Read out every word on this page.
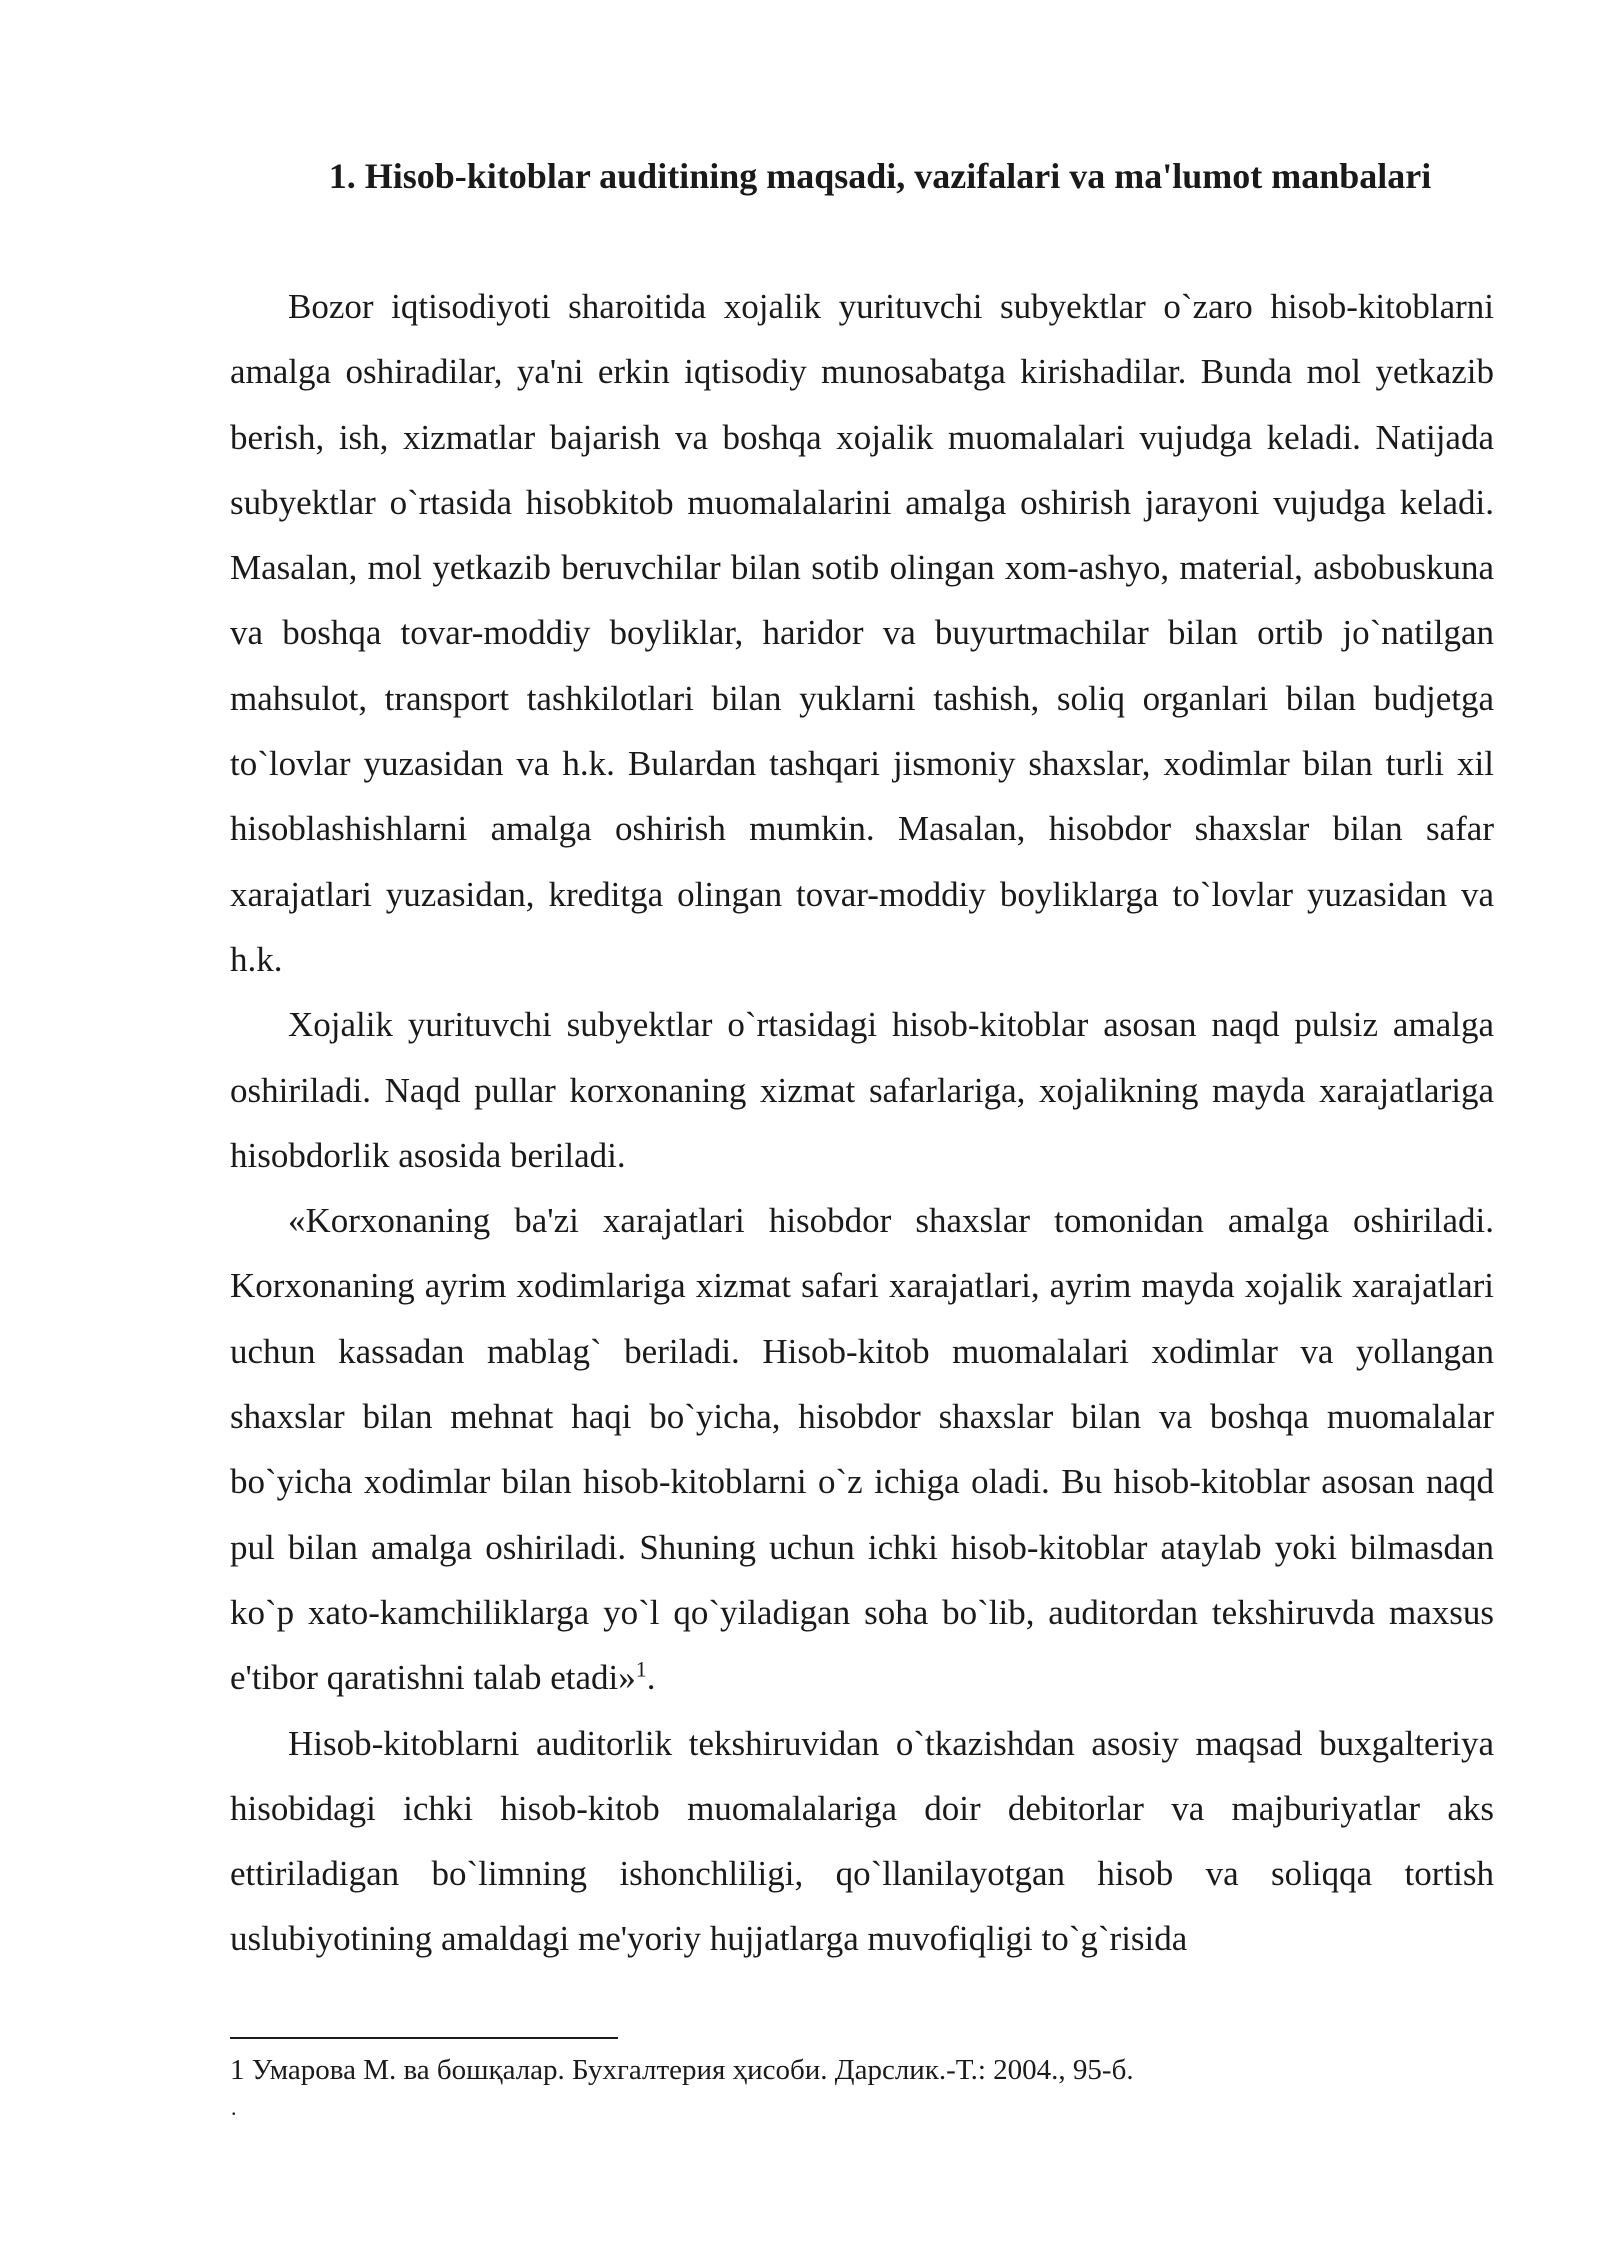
1. Hisob-kitoblar auditining maqsadi, vazifalari va ma'lumot manbalari

Bozor iqtisodiyoti sharoitida xojalik yurituvchi subyektlar o`zaro hisob-kitoblarni amalga oshiradilar, ya'ni erkin iqtisodiy munosabatga kirishadilar. Bunda mol yetkazib berish, ish, xizmatlar bajarish va boshqa xojalik muomalalari vujudga keladi. Natijada subyektlar o`rtasida hisobkitob muomalalarini amalga oshirish jarayoni vujudga keladi. Masalan, mol yetkazib beruvchilar bilan sotib olingan xom-ashyo, material, asbobuskuna va boshqa tovar-moddiy boyliklar, haridor va buyurtmachilar bilan ortib jo`natilgan mahsulot, transport tashkilotlari bilan yuklarni tashish, soliq organlari bilan budjetga to`lovlar yuzasidan va h.k. Bulardan tashqari jismoniy shaxslar, xodimlar bilan turli xil hisoblashishlarni amalga oshirish mumkin. Masalan, hisobdor shaxslar bilan safar xarajatlari yuzasidan, kreditga olingan tovar-moddiy boyliklarga to`lovlar yuzasidan va h.k.

Xojalik yurituvchi subyektlar o`rtasidagi hisob-kitoblar asosan naqd pulsiz amalga oshiriladi. Naqd pullar korxonaning xizmat safarlariga, xojalikning mayda xarajatlariga hisobdorlik asosida beriladi.

«Korxonaning ba'zi xarajatlari hisobdor shaxslar tomonidan amalga oshiriladi. Korxonaning ayrim xodimlariga xizmat safari xarajatlari, ayrim mayda xojalik xarajatlari uchun kassadan mablag` beriladi. Hisob-kitob muomalalari xodimlar va yollangan shaxslar bilan mehnat haqi bo`yicha, hisobdor shaxslar bilan va boshqa muomalalar bo`yicha xodimlar bilan hisob-kitoblarni o`z ichiga oladi. Bu hisob-kitoblar asosan naqd pul bilan amalga oshiriladi. Shuning uchun ichki hisob-kitoblar ataylab yoki bilmasdan ko`p xato-kamchiliklarga yo`l qo`yiladigan soha bo`lib, auditordan tekshiruvda maxsus e'tibor qaratishni talab etadi»$^1$.

Hisob-kitoblarni auditorlik tekshiruvidan o`tkazishdan asosiy maqsad buxgalteriya hisobidagi ichki hisob-kitob muomalalariga doir debitorlar va majburiyatlar aks ettiriladigan bo`limning ishonchliligi, qo`llanilayotgan hisob va soliqqa tortish uslubiyotining amaldagi me'yoriy hujjatlarga muvofiqligi to`g`risida

1 Умарова М. ва бошқалар. Бухгалтерия ҳисоби. Дарслик.-Т.: 2004., 95-б.
.
